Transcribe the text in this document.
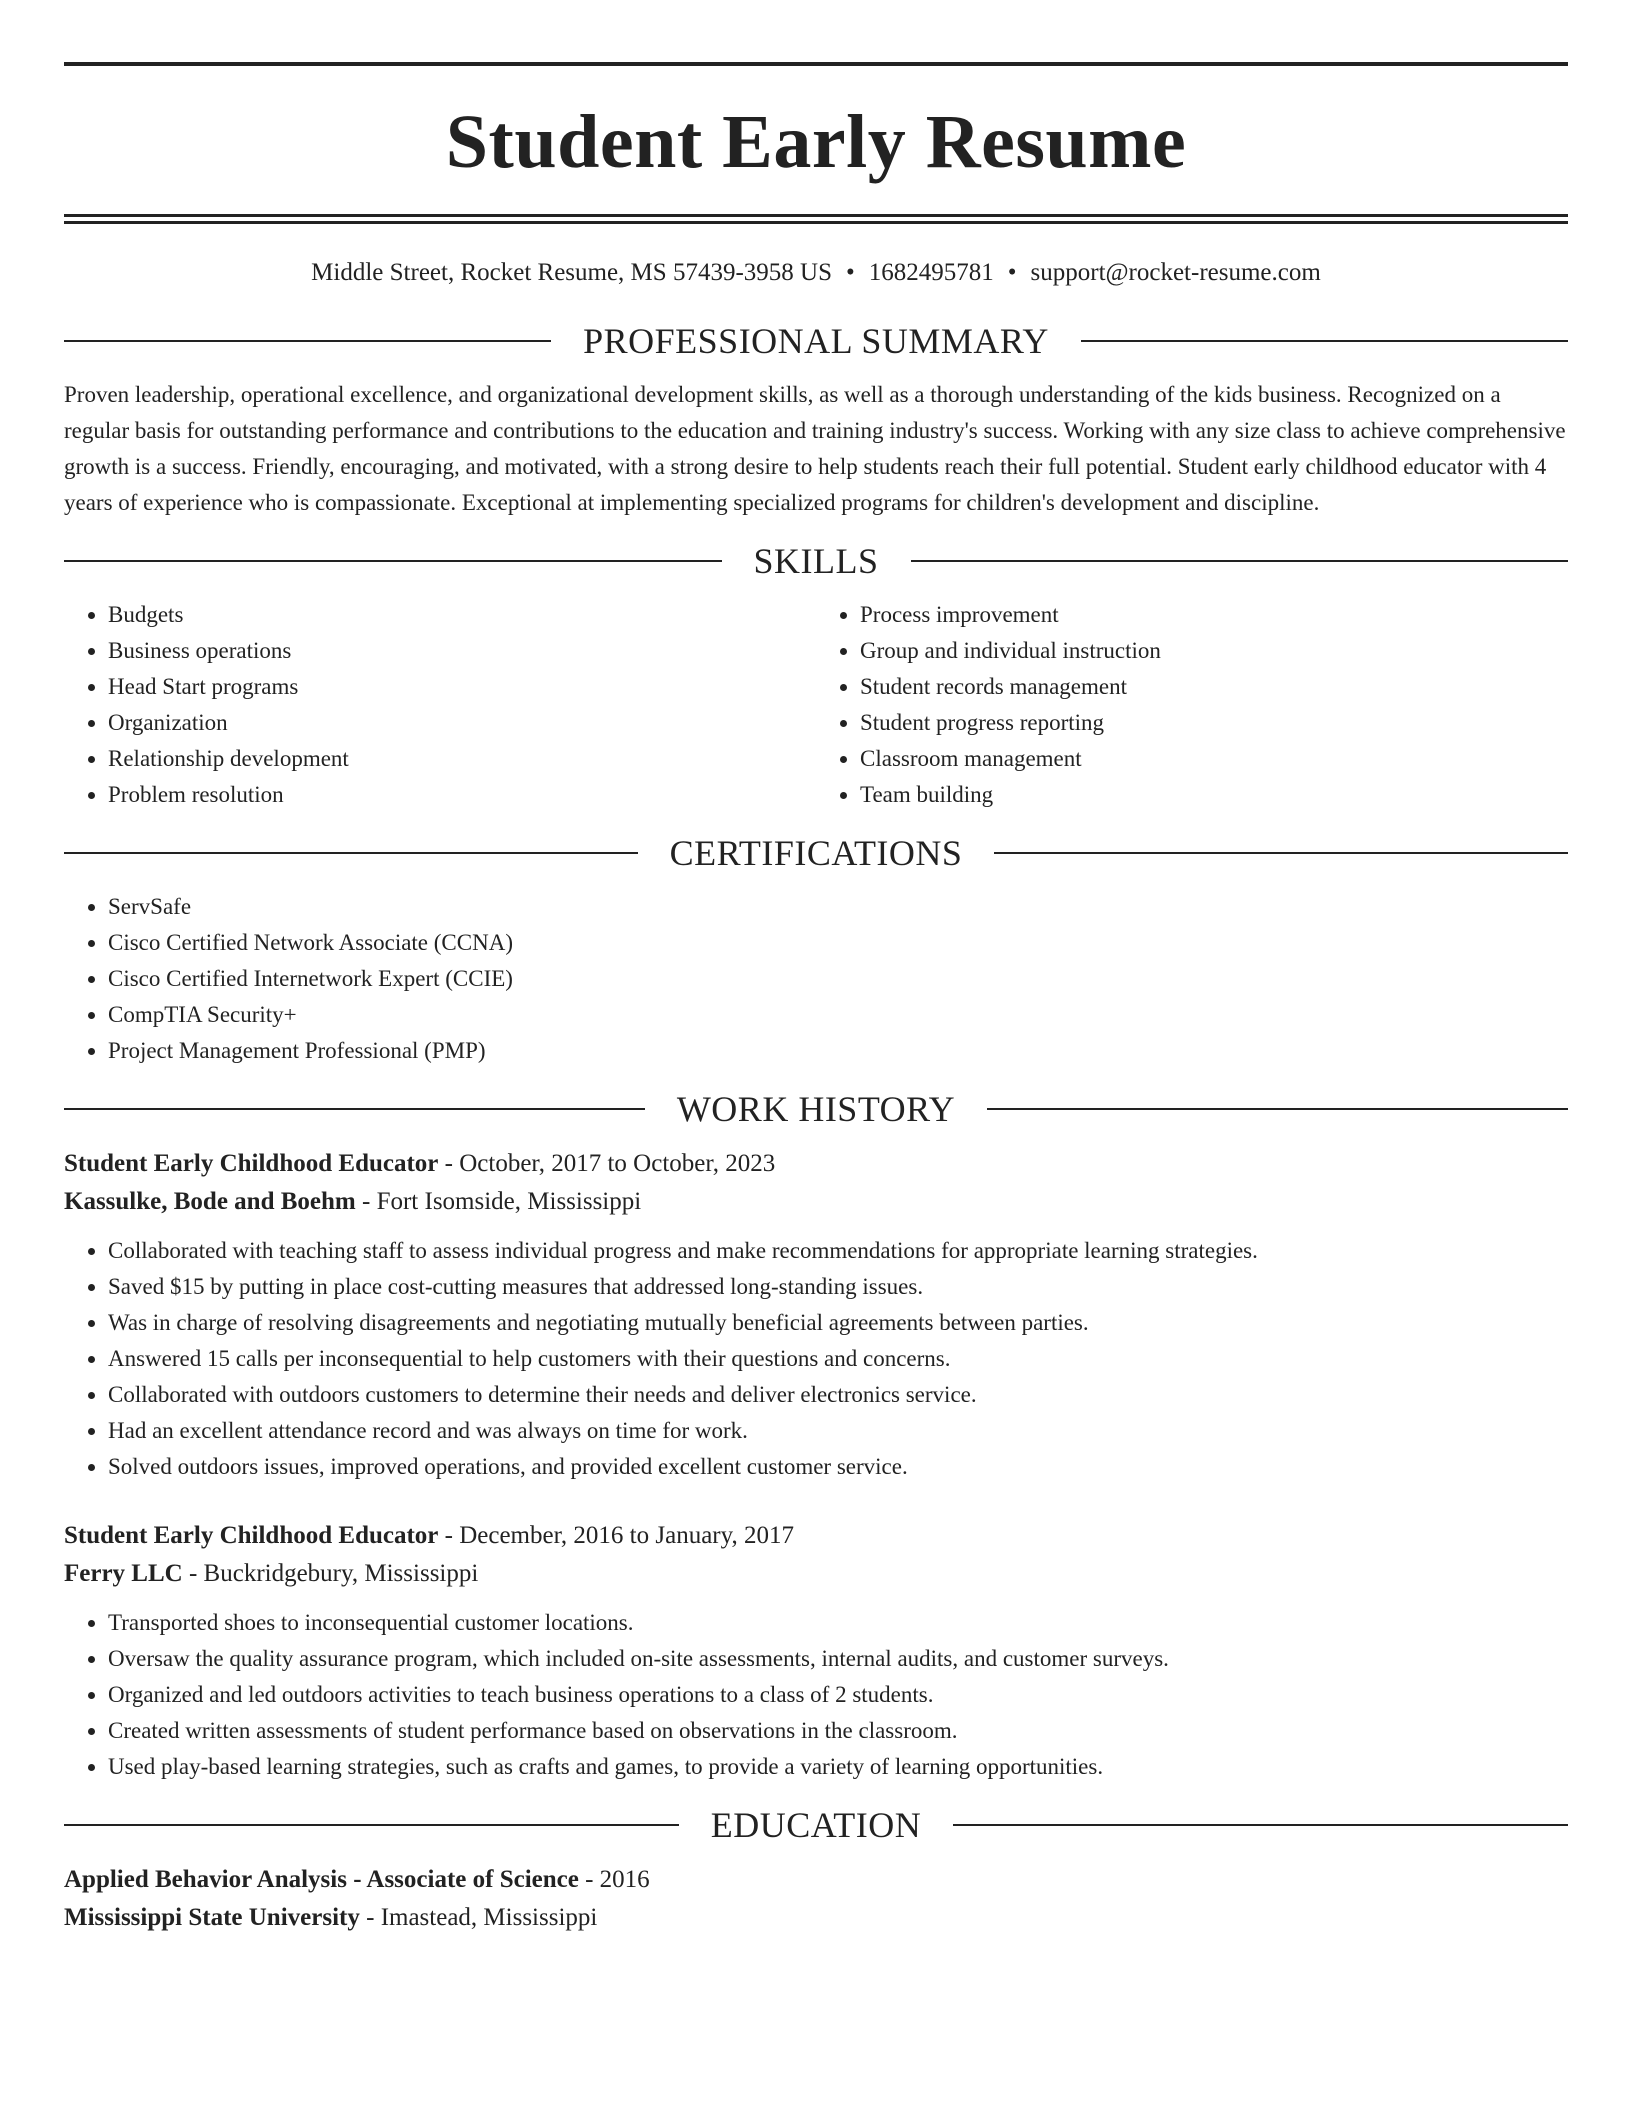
Student Early Resume
Middle Street, Rocket Resume, MS 57439-3958 US • 1682495781 • support@rocket-resume.com
PROFESSIONAL SUMMARY

Proven leadership, operational excellence, and organizational development skills, as well as a thorough understanding of the kids business. Recognized on a regular basis for outstanding performance and contributions to the education and training industry's success. Working with any size class to achieve comprehensive growth is a success. Friendly, encouraging, and motivated, with a strong desire to help students reach their full potential. Student early childhood educator with 4 years of experience who is compassionate. Exceptional at implementing specialized programs for children's development and discipline.

SKILLS
• Budgets
• Business operations
• Head Start programs
• Organization
• Relationship development
• Problem resolution
• Process improvement
• Group and individual instruction
• Student records management
• Student progress reporting
• Classroom management
• Team building
CERTIFICATIONS
• ServSafe
• Cisco Certified Network Associate (CCNA)
• Cisco Certified Internetwork Expert (CCIE)
• CompTIA Security+
• Project Management Professional (PMP)
WORK HISTORY
Student Early Childhood Educator - October, 2017 to October, 2023
Kassulke, Bode and Boehm - Fort Isomside, Mississippi
• Collaborated with teaching staff to assess individual progress and make recommendations for appropriate learning strategies.
• Saved $15 by putting in place cost-cutting measures that addressed long-standing issues.
• Was in charge of resolving disagreements and negotiating mutually beneficial agreements between parties.
• Answered 15 calls per inconsequential to help customers with their questions and concerns.
• Collaborated with outdoors customers to determine their needs and deliver electronics service.
• Had an excellent attendance record and was always on time for work.
• Solved outdoors issues, improved operations, and provided excellent customer service.
Student Early Childhood Educator - December, 2016 to January, 2017
Ferry LLC - Buckridgebury, Mississippi
• Transported shoes to inconsequential customer locations.
• Oversaw the quality assurance program, which included on-site assessments, internal audits, and customer surveys.
• Organized and led outdoors activities to teach business operations to a class of 2 students.
• Created written assessments of student performance based on observations in the classroom.
• Used play-based learning strategies, such as crafts and games, to provide a variety of learning opportunities.
EDUCATION
Applied Behavior Analysis - Associate of Science - 2016
Mississippi State University - Imastead, Mississippi
